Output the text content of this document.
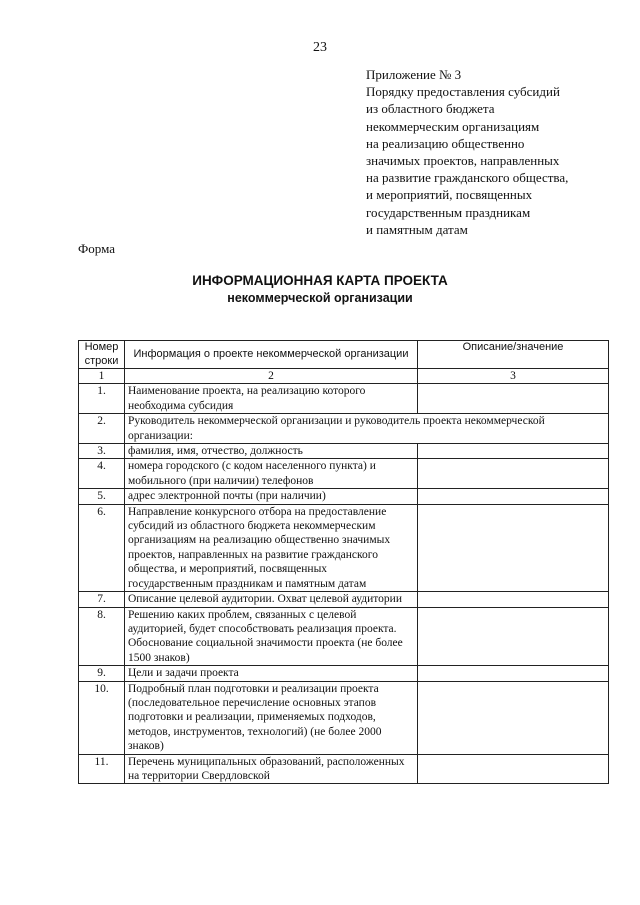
23
Приложение № 3
Порядку предоставления субсидий
из областного бюджета
некоммерческим организациям
на реализацию общественно
значимых проектов, направленных
на развитие гражданского общества,
и мероприятий, посвященных
государственным праздникам
и памятным датам
Форма
ИНФОРМАЦИОННАЯ КАРТА ПРОЕКТА
некоммерческой организации
Номер строки	Информация о проекте некоммерческой организации	Описание/значение
1	2	3
1.	Наименование проекта, на реализацию которого необходима субсидия	
2.	Руководитель некоммерческой организации и руководитель проекта некоммерческой организации:	
3.	фамилия, имя, отчество, должность	
4.	номера городского (с кодом населенного пункта) и мобильного (при наличии) телефонов	
5.	адрес электронной почты (при наличии)	
6.	Направление конкурсного отбора на предоставление субсидий из областного бюджета некоммерческим организациям на реализацию общественно значимых проектов, направленных на развитие гражданского общества, и мероприятий, посвященных государственным праздникам и памятным датам	
7.	Описание целевой аудитории. Охват целевой аудитории	
8.	Решению каких проблем, связанных с целевой аудиторией, будет способствовать реализация проекта. Обоснование социальной значимости проекта (не более 1500 знаков)	
9.	Цели и задачи проекта	
10.	Подробный план подготовки и реализации проекта (последовательное перечисление основных этапов подготовки и реализации, применяемых подходов, методов, инструментов, технологий) (не более 2000 знаков)	
11.	Перечень муниципальных образований, расположенных на территории Свердловской	
